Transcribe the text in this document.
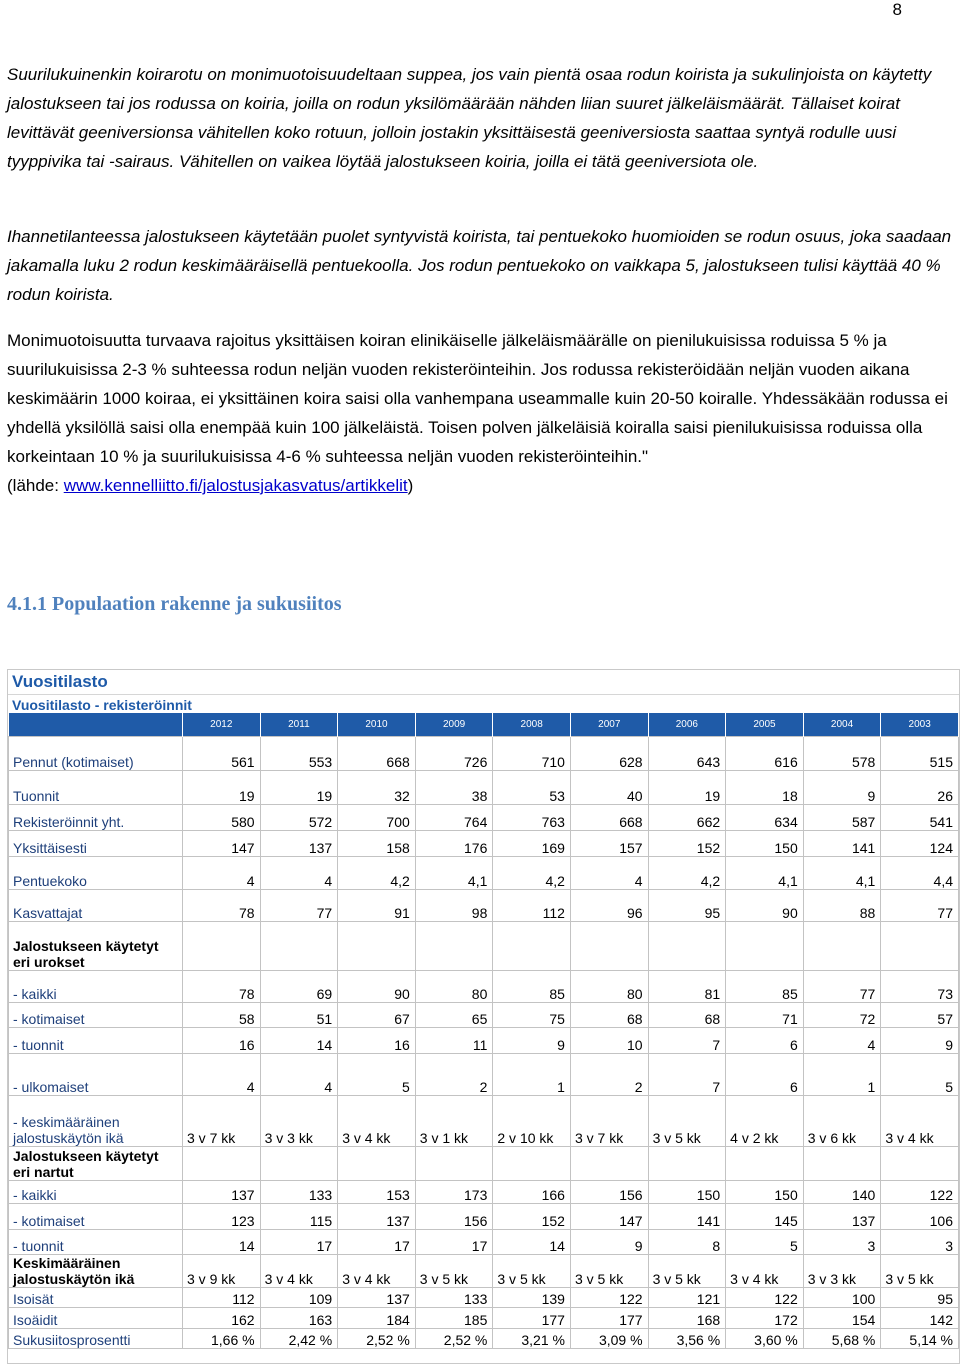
8

Suurilukuinenkin koirarotu on monimuotoisuudeltaan suppea, jos vain pientä osaa rodun koirista ja sukulinjoista on käytetty jalostukseen tai jos rodussa on koiria, joilla on rodun yksilömäärään nähden liian suuret jälkeläismäärät. Tällaiset koirat levittävät geeniversionsa vähitellen koko rotuun, jolloin jostakin yksittäisestä geeniversiosta saattaa syntyä rodulle uusi tyyppivika tai -sairaus. Vähitellen on vaikea löytää jalostukseen koiria, joilla ei tätä geeniversiota ole.

Ihannetilanteessa jalostukseen käytetään puolet syntyvistä koirista, tai pentuekoko huomioiden se rodun osuus, joka saadaan jakamalla luku 2 rodun keskimääräisellä pentuekoolla. Jos rodun pentuekoko on vaikkapa 5, jalostukseen tulisi käyttää 40 % rodun koirista.

Monimuotoisuutta turvaava rajoitus yksittäisen koiran elinikäiselle jälkeläismäärälle on pienilukuisissa roduissa 5 % ja suurilukuisissa 2-3 % suhteessa rodun neljän vuoden rekisteröinteihin. Jos rodussa rekisteröidään neljän vuoden aikana keskimäärin 1000 koiraa, ei yksittäinen koira saisi olla vanhempana useammalle kuin 20-50 koiralle. Yhdessäkään rodussa ei yhdellä yksilöllä saisi olla enempää kuin 100 jälkeläistä. Toisen polven jälkeläisiä koiralla saisi pienilukuisissa roduissa olla korkeintaan 10 % ja suurilukuisissa 4-6 % suhteessa neljän vuoden rekisteröinteihin."
(lähde: www.kennelliitto.fi/jalostusjakasvatus/artikkelit)

4.1.1 Populaation rakenne ja sukusiitos
Vuositilasto
Vuositilasto - rekisteröinnit
	2012	2011	2010	2009	2008	2007	2006	2005	2004	2003
Pennut (kotimaiset)	561	553	668	726	710	628	643	616	578	515
Tuonnit	19	19	32	38	53	40	19	18	9	26
Rekisteröinnit yht.	580	572	700	764	763	668	662	634	587	541
Yksittäisesti	147	137	158	176	169	157	152	150	141	124
Pentuekoko	4	4	4,2	4,1	4,2	4	4,2	4,1	4,1	4,4
Kasvattajat	78	77	91	98	112	96	95	90	88	77
Jalostukseen käytetyt eri urokset										
- kaikki	78	69	90	80	85	80	81	85	77	73
- kotimaiset	58	51	67	65	75	68	68	71	72	57
- tuonnit	16	14	16	11	9	10	7	6	4	9
- ulkomaiset	4	4	5	2	1	2	7	6	1	5
- keskimääräinen jalostuskäytön ikä	3 v 7 kk	3 v 3 kk	3 v 4 kk	3 v 1 kk	2 v 10 kk	3 v 7 kk	3 v 5 kk	4 v 2 kk	3 v 6 kk	3 v 4 kk
Jalostukseen käytetyt eri nartut										
- kaikki	137	133	153	173	166	156	150	150	140	122
- kotimaiset	123	115	137	156	152	147	141	145	137	106
- tuonnit	14	17	17	17	14	9	8	5	3	3
Keskimääräinen jalostuskäytön ikä	3 v 9 kk	3 v 4 kk	3 v 4 kk	3 v 5 kk	3 v 5 kk	3 v 5 kk	3 v 5 kk	3 v 4 kk	3 v 3 kk	3 v 5 kk
Isoisät	112	109	137	133	139	122	121	122	100	95
Isoäidit	162	163	184	185	177	177	168	172	154	142
Sukusiitosprosentti	1,66 %	2,42 %	2,52 %	2,52 %	3,21 %	3,09 %	3,56 %	3,60 %	5,68 %	5,14 %
